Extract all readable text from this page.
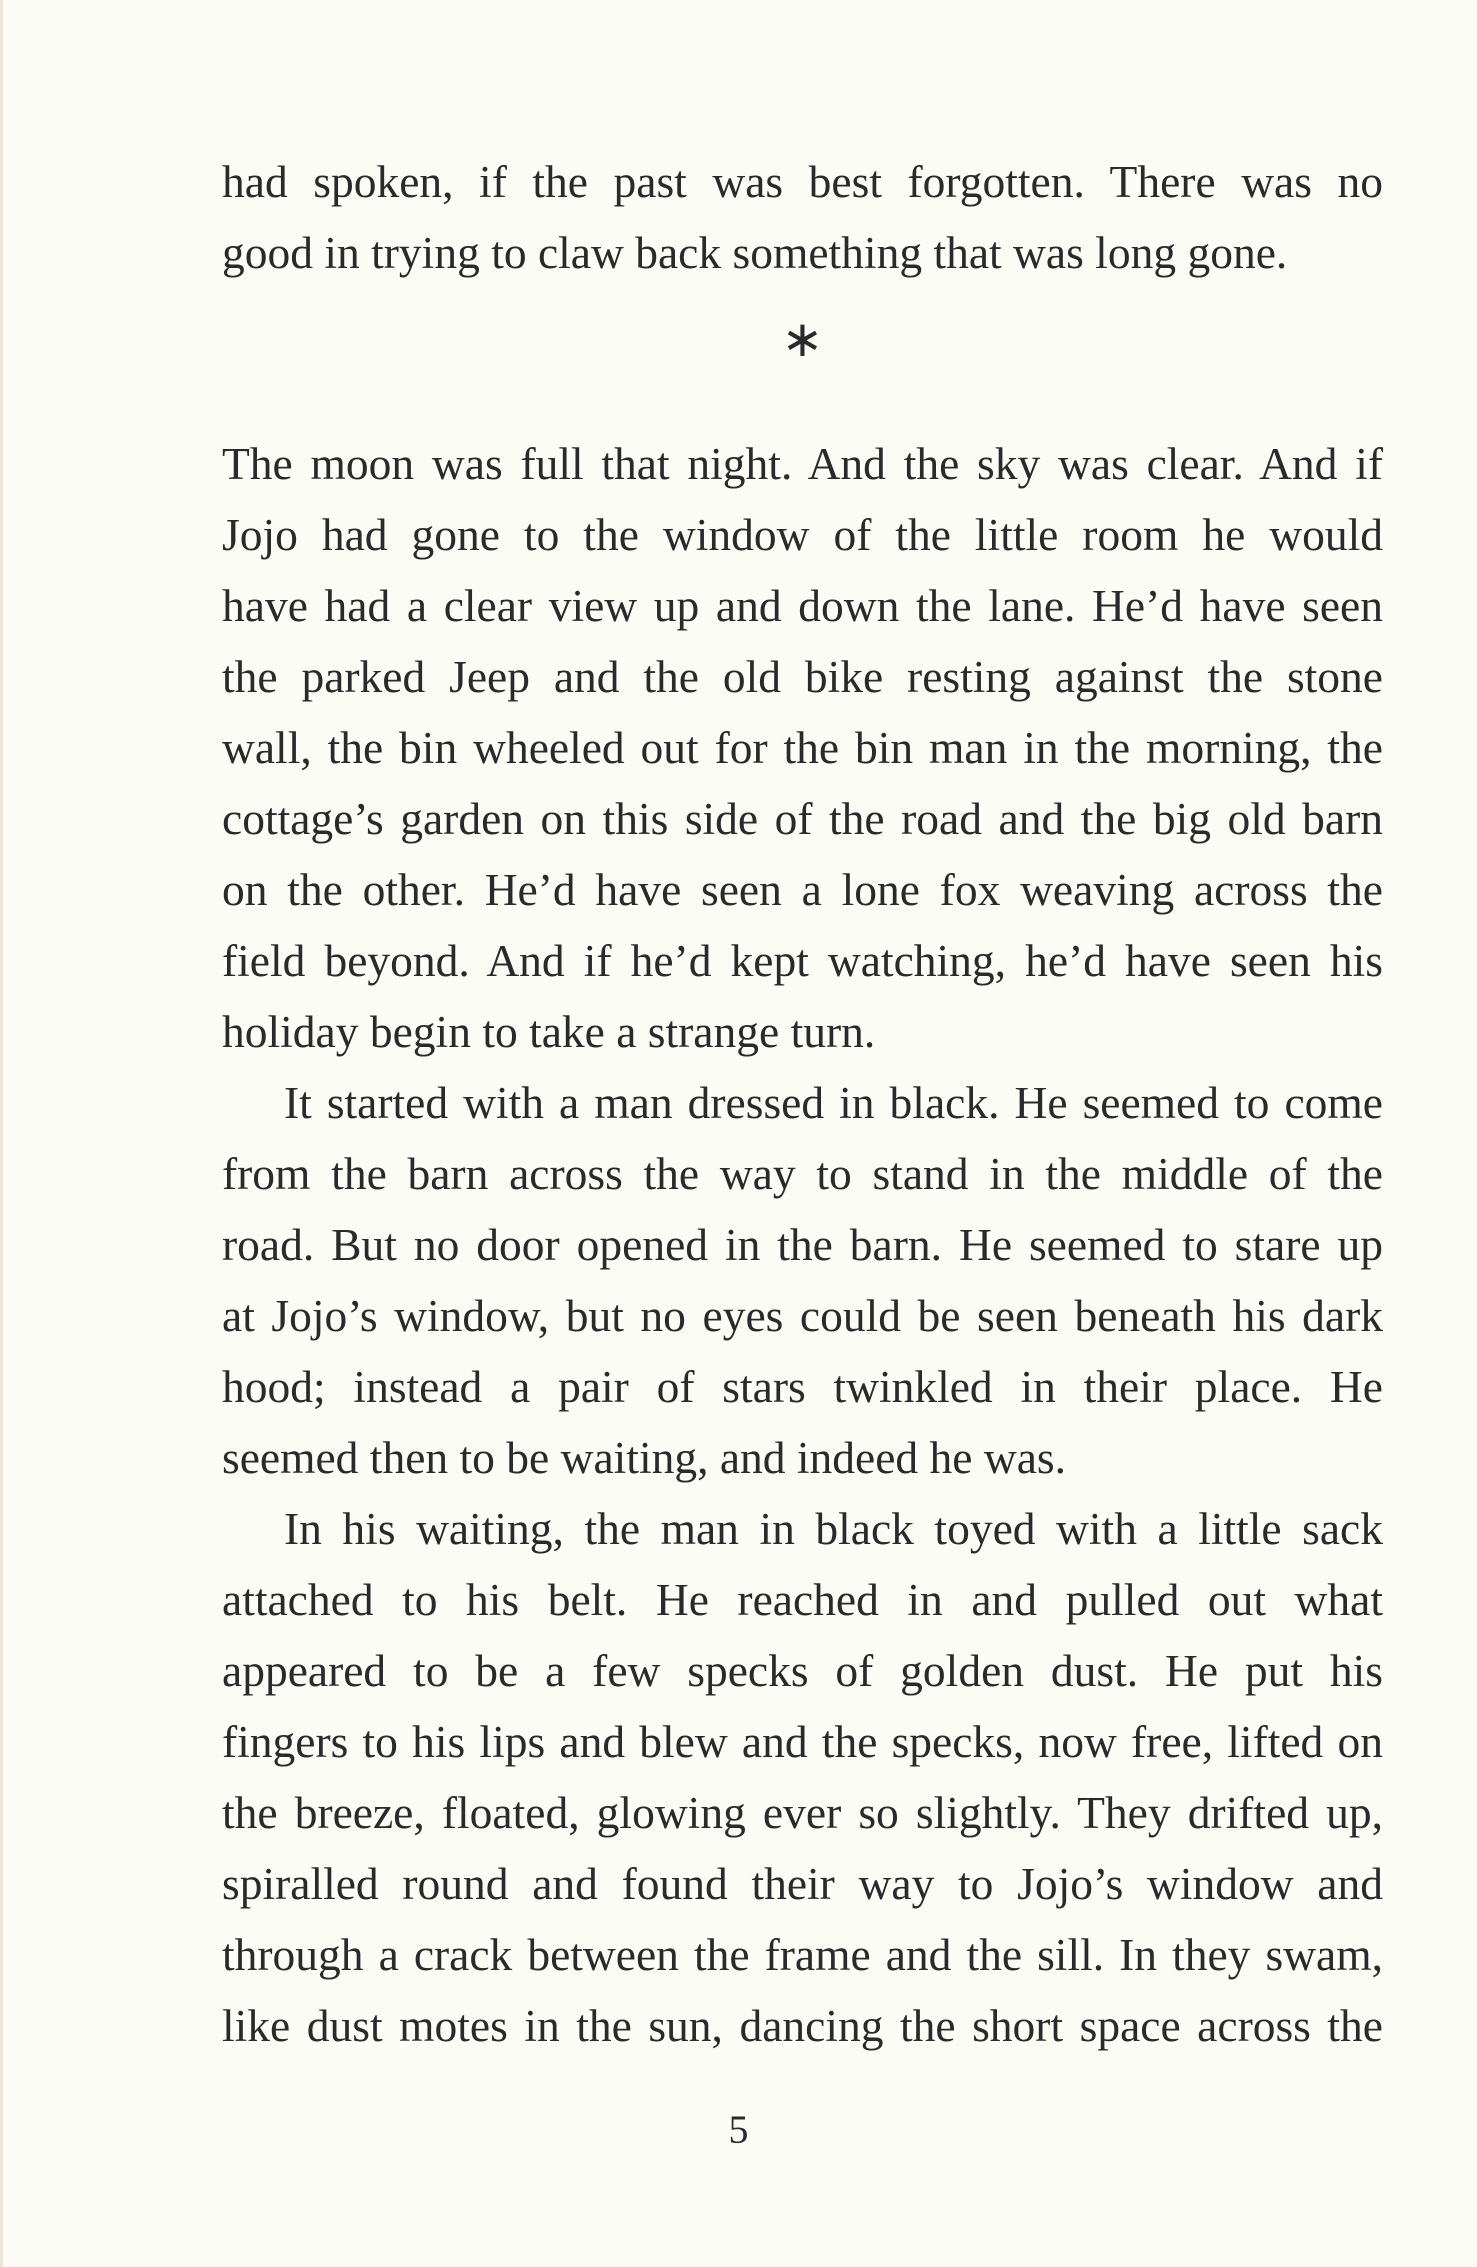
had spoken, if the past was best forgotten. There was no
good in trying to claw back something that was long gone.
∗
The moon was full that night. And the sky was clear. And if
Jojo had gone to the window of the little room he would
have had a clear view up and down the lane. He’d have seen
the parked Jeep and the old bike resting against the stone
wall, the bin wheeled out for the bin man in the morning, the
cottage’s garden on this side of the road and the big old barn
on the other. He’d have seen a lone fox weaving across the
field beyond. And if he’d kept watching, he’d have seen his
holiday begin to take a strange turn.
It started with a man dressed in black. He seemed to come
from the barn across the way to stand in the middle of the
road. But no door opened in the barn. He seemed to stare up
at Jojo’s window, but no eyes could be seen beneath his dark
hood; instead a pair of stars twinkled in their place. He
seemed then to be waiting, and indeed he was.
In his waiting, the man in black toyed with a little sack
attached to his belt. He reached in and pulled out what
appeared to be a few specks of golden dust. He put his
fingers to his lips and blew and the specks, now free, lifted on
the breeze, floated, glowing ever so slightly. They drifted up,
spiralled round and found their way to Jojo’s window and
through a crack between the frame and the sill. In they swam,
like dust motes in the sun, dancing the short space across the
5
